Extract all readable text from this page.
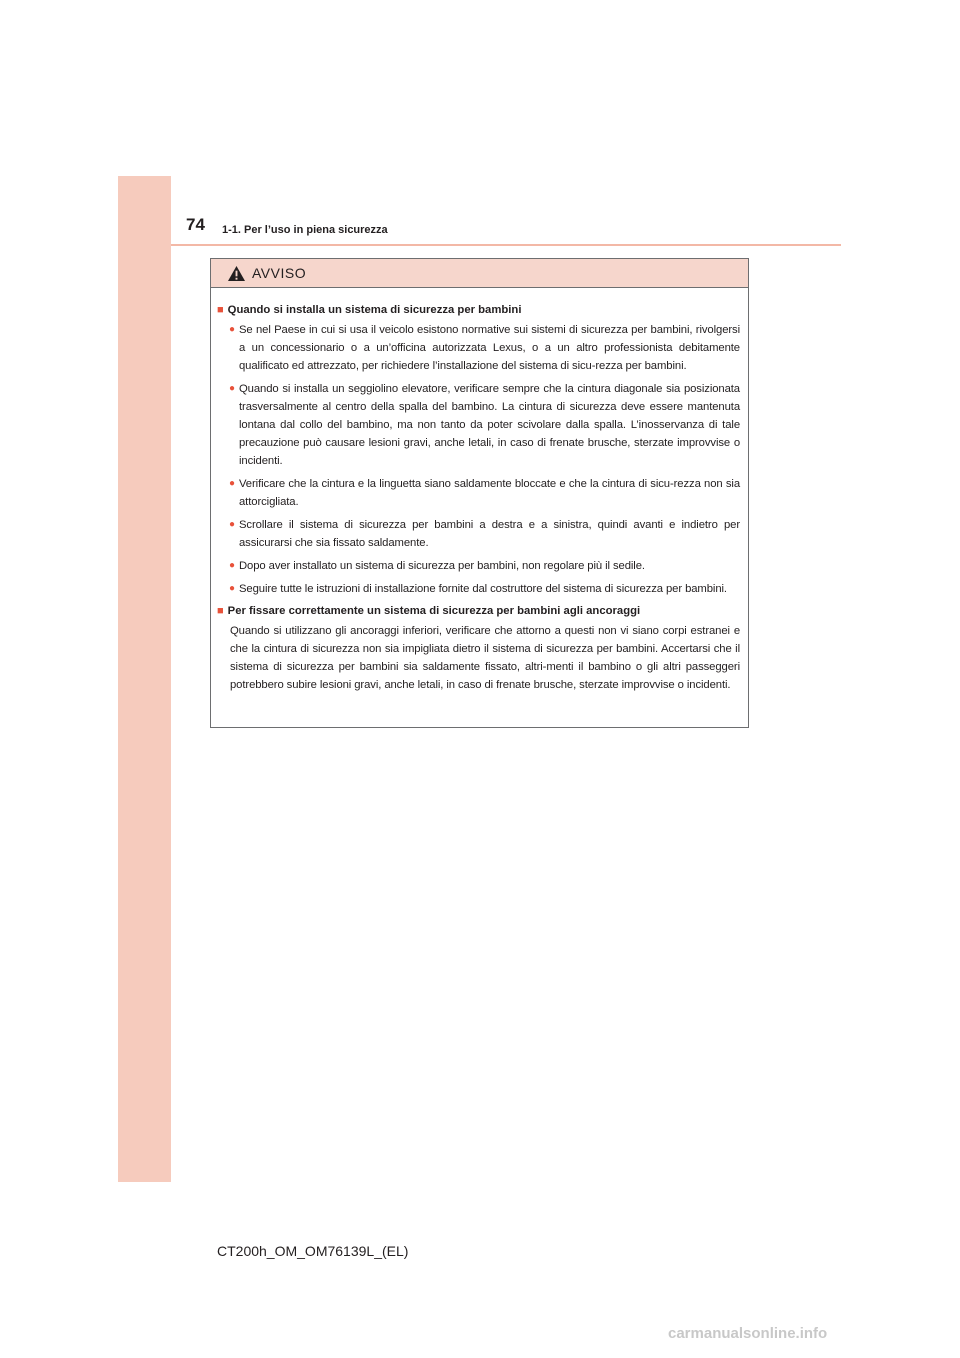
74 1-1. Per l’uso in piena sicurezza
AVVISO
■ Quando si installa un sistema di sicurezza per bambini
● Se nel Paese in cui si usa il veicolo esistono normative sui sistemi di sicurezza per bambini, rivolgersi a un concessionario o a un’officina autorizzata Lexus, o a un altro professionista debitamente qualificato ed attrezzato, per richiedere l’installazione del sistema di sicu-rezza per bambini.
● Quando si installa un seggiolino elevatore, verificare sempre che la cintura diagonale sia posizionata trasversalmente al centro della spalla del bambino. La cintura di sicurezza deve essere mantenuta lontana dal collo del bambino, ma non tanto da poter scivolare dalla spalla. L’inosservanza di tale precauzione può causare lesioni gravi, anche letali, in caso di frenate brusche, sterzate improvvise o incidenti.
● Verificare che la cintura e la linguetta siano saldamente bloccate e che la cintura di sicu-rezza non sia attorcigliata.
● Scrollare il sistema di sicurezza per bambini a destra e a sinistra, quindi avanti e indietro per assicurarsi che sia fissato saldamente.
● Dopo aver installato un sistema di sicurezza per bambini, non regolare più il sedile.
● Seguire tutte le istruzioni di installazione fornite dal costruttore del sistema di sicurezza per bambini.
■ Per fissare correttamente un sistema di sicurezza per bambini agli ancoraggi
Quando si utilizzano gli ancoraggi inferiori, verificare che attorno a questi non vi siano corpi estranei e che la cintura di sicurezza non sia impigliata dietro il sistema di sicurezza per bambini. Accertarsi che il sistema di sicurezza per bambini sia saldamente fissato, altri-menti il bambino o gli altri passeggeri potrebbero subire lesioni gravi, anche letali, in caso di frenate brusche, sterzate improvvise o incidenti.
CT200h_OM_OM76139L_(EL)
carmanualsonline.info
